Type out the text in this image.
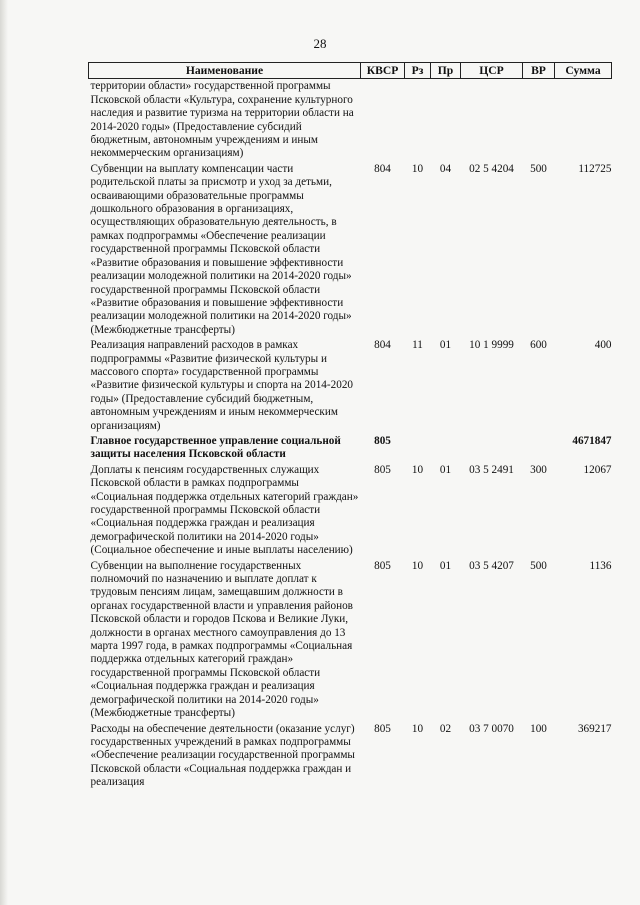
28
Наименование	КВСР	Рз	Пр	ЦСР	ВР	Сумма
территории области» государственной программы Псковской области «Культура, сохранение культурного наследия и развитие туризма на территории области на 2014-2020 годы» (Предоставление субсидий бюджетным, автономным учреждениям и иным некоммерческим организациям)						
Субвенции на выплату компенсации части родительской платы за присмотр и уход за детьми, осваивающими образовательные программы дошкольного образования в организациях, осуществляющих образовательную деятельность, в рамках подпрограммы «Обеспечение реализации государственной программы Псковской области «Развитие образования и повышение эффективности реализации молодежной политики на 2014-2020 годы» государственной программы Псковской области «Развитие образования и повышение эффективности реализации молодежной политики на 2014-2020 годы» (Межбюджетные трансферты)	804	10	04	02 5 4204	500	112725
Реализация направлений расходов в рамках подпрограммы «Развитие физической культуры и массового спорта» государственной программы «Развитие физической культуры и спорта на 2014-2020 годы» (Предоставление субсидий бюджетным, автономным учреждениям и иным некоммерческим организациям)	804	11	01	10 1 9999	600	400
Главное государственное управление социальной защиты населения Псковской области	805					4671847
Доплаты к пенсиям государственных служащих Псковской области в рамках подпрограммы «Социальная поддержка отдельных категорий граждан» государственной программы Псковской области «Социальная поддержка граждан и реализация демографической политики на 2014-2020 годы» (Социальное обеспечение и иные выплаты населению)	805	10	01	03 5 2491	300	12067
Субвенции на выполнение государственных полномочий по назначению и выплате доплат к трудовым пенсиям лицам, замещавшим должности в органах государственной власти и управления районов Псковской области и городов Пскова и Великие Луки, должности в органах местного самоуправления до 13 марта 1997 года, в рамках подпрограммы «Социальная поддержка отдельных категорий граждан» государственной программы Псковской области «Социальная поддержка граждан и реализация демографической политики на 2014-2020 годы» (Межбюджетные трансферты)	805	10	01	03 5 4207	500	1136
Расходы на обеспечение деятельности (оказание услуг) государственных учреждений в рамках подпрограммы «Обеспечение реализации государственной программы Псковской области «Социальная поддержка граждан и реализация	805	10	02	03 7 0070	100	369217
